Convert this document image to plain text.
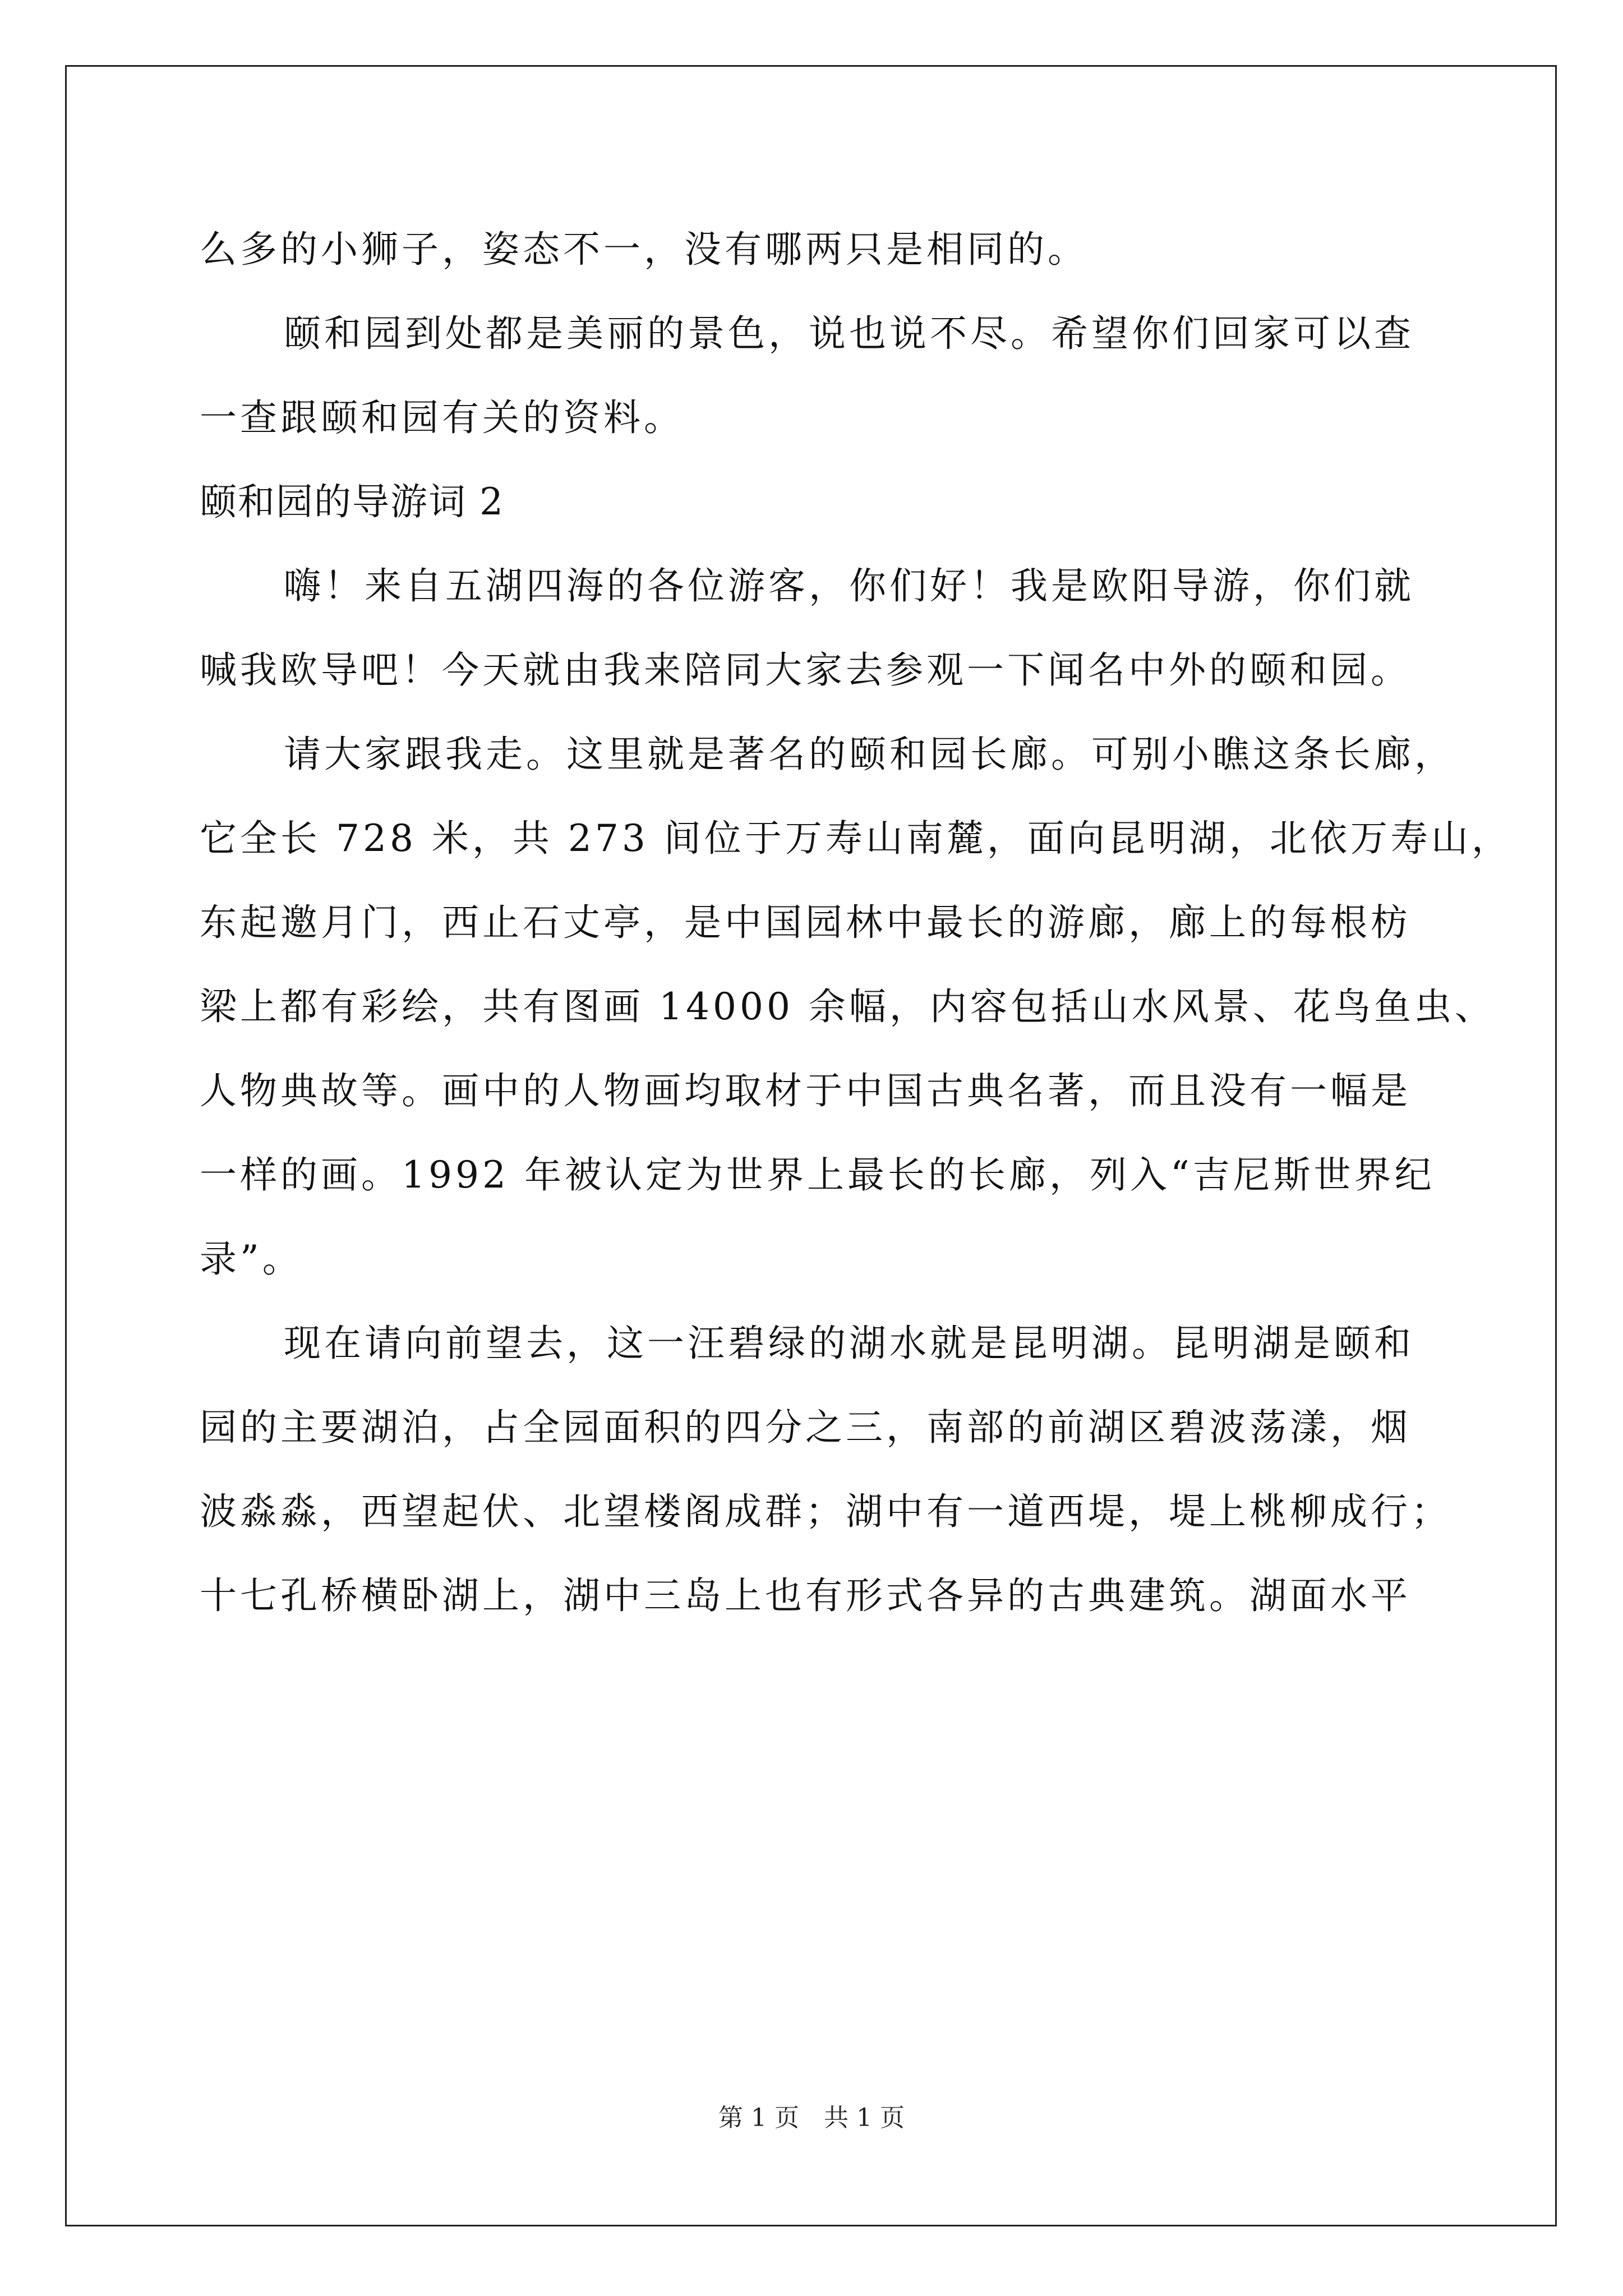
么多的小狮子，姿态不一，没有哪两只是相同的。
颐和园到处都是美丽的景色，说也说不尽。希望你们回家可以查
一查跟颐和园有关的资料。
颐和园的导游词 2
嗨！来自五湖四海的各位游客，你们好！我是欧阳导游，你们就
喊我欧导吧！今天就由我来陪同大家去参观一下闻名中外的颐和园。
请大家跟我走。这里就是著名的颐和园长廊。可别小瞧这条长廊，
它全长 728 米，共 273 间位于万寿山南麓，面向昆明湖，北依万寿山，
东起邀月门，西止石丈亭，是中国园林中最长的游廊，廊上的每根枋
梁上都有彩绘，共有图画 14000 余幅，内容包括山水风景、花鸟鱼虫、
人物典故等。画中的人物画均取材于中国古典名著，而且没有一幅是
一样的画。1992 年被认定为世界上最长的长廊，列入“吉尼斯世界纪
录”。
现在请向前望去，这一汪碧绿的湖水就是昆明湖。昆明湖是颐和
园的主要湖泊，占全园面积的四分之三，南部的前湖区碧波荡漾，烟
波淼淼，西望起伏、北望楼阁成群；湖中有一道西堤，堤上桃柳成行；
十七孔桥横卧湖上，湖中三岛上也有形式各异的古典建筑。湖面水平
第 1 页　共 1 页
